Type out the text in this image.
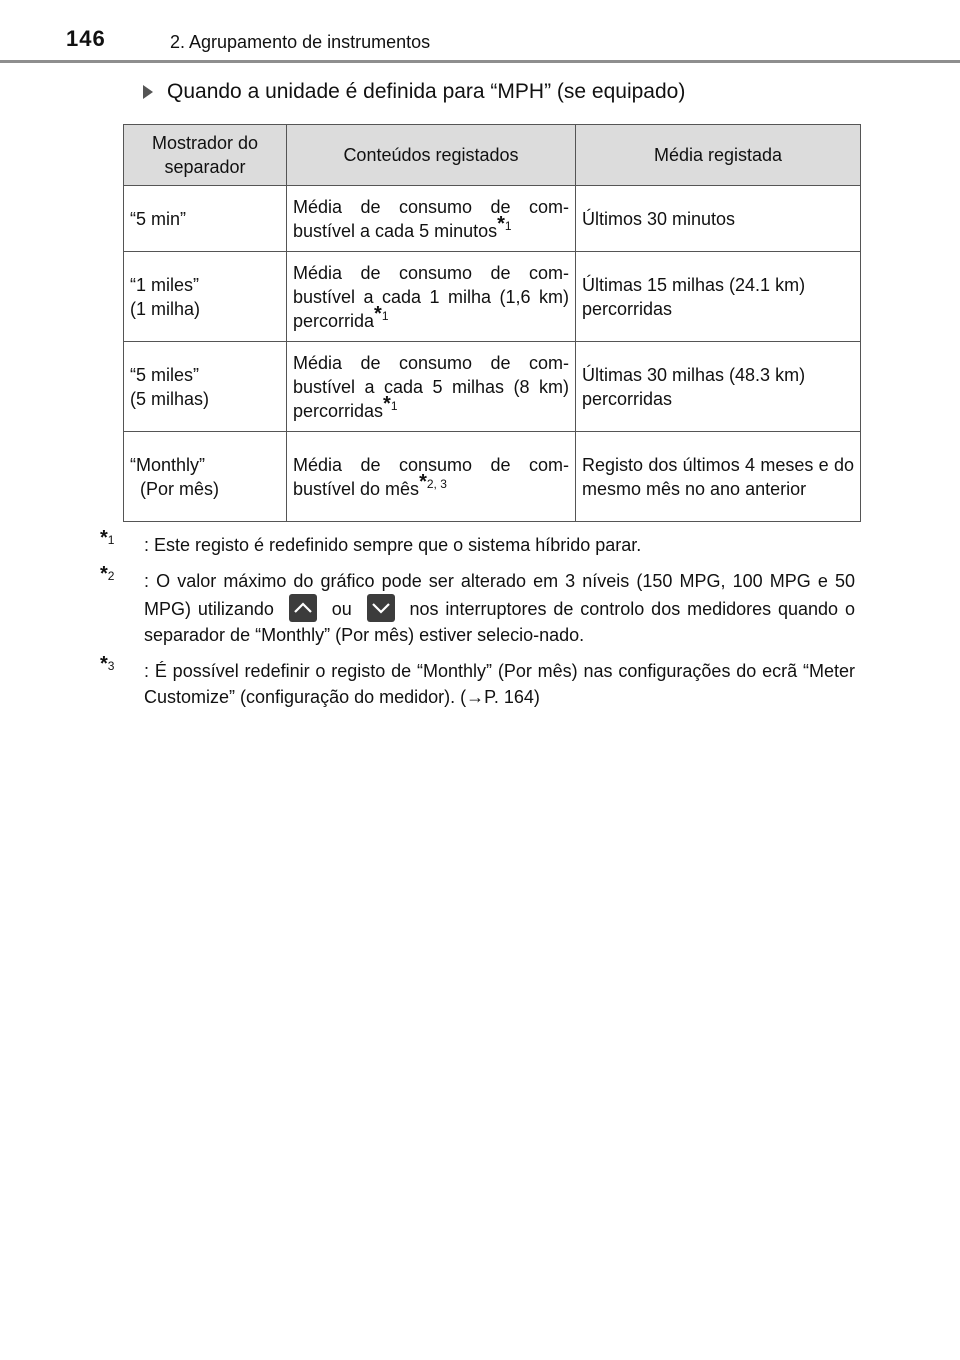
146	2. Agrupamento de instrumentos
Quando a unidade é definida para “MPH” (se equipado)
Mostrador do separador	Conteúdos registados	Média registada

“5 min”	Média de consumo de com-bustível a cada 5 minutos*$^1$	Últimos 30 minutos

“1 miles”
(1 milha)	Média de consumo de com-bustível a cada 1 milha (1,6 km) percorrida*$^1$	Últimas 15 milhas (24.1 km) percorridas

“5 miles”
(5 milhas)	Média de consumo de com-bustível a cada 5 milhas (8 km) percorridas*$^1$	Últimas 30 milhas (48.3 km) percorridas

“Monthly”
(Por mês)	Média de consumo de com-bustível do mês*$^{2, 3}$	Registo dos últimos 4 meses e do mesmo mês no ano anterior
*$^1$	: Este registo é redefinido sempre que o sistema híbrido parar.
*$^2$	: O valor máximo do gráfico pode ser alterado em 3 níveis (150 MPG, 100 MPG e 50 MPG) utilizando	ou	nos interruptores de controlo dos medidores quando o separador de “Monthly” (Por mês) estiver selecio-nado.
*$^3$	: É possível redefinir o registo de “Monthly” (Por mês) nas configurações do ecrã “Meter Customize” (configuração do medidor). (→P. 164)
